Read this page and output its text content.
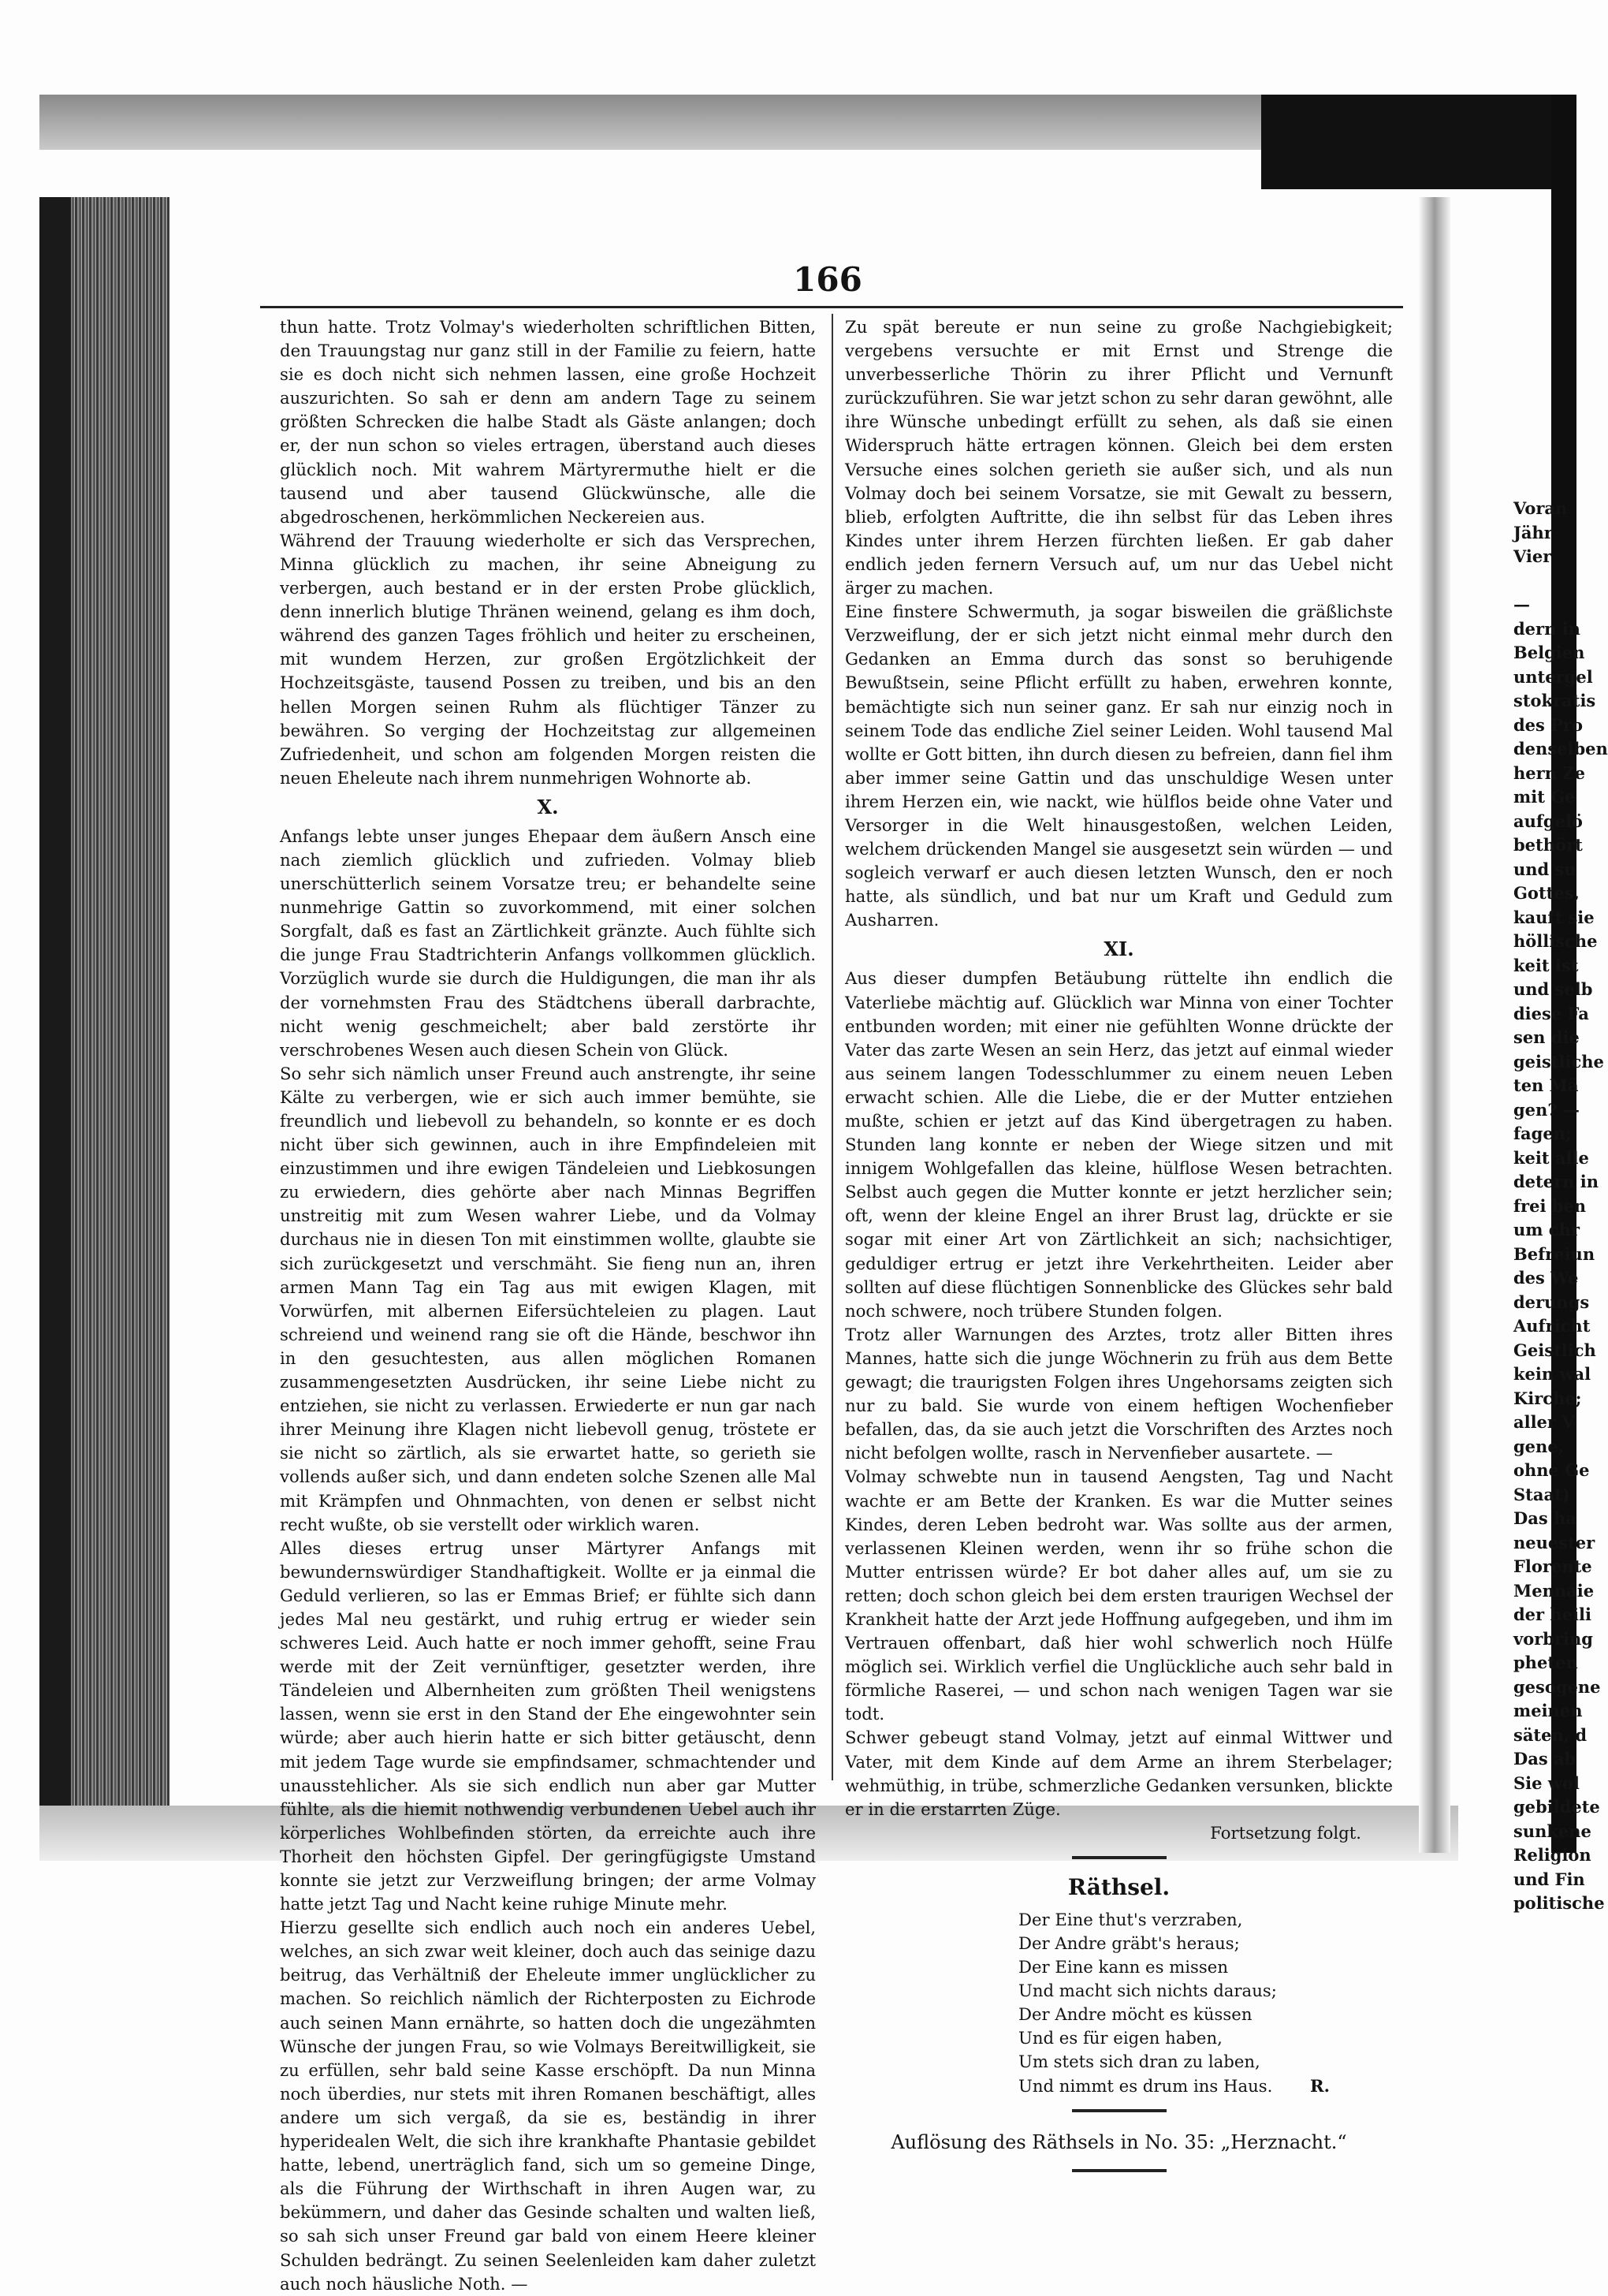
166

thun hatte. Trotz Volmay's wiederholten schriftlichen Bitten, den Trauungstag nur ganz still in der Familie zu feiern, hatte sie es doch nicht sich nehmen lassen, eine große Hochzeit auszurichten. So sah er denn am andern Tage zu seinem größten Schrecken die halbe Stadt als Gäste anlangen; doch er, der nun schon so vieles ertragen, überstand auch dieses glücklich noch. Mit wahrem Märtyrermuthe hielt er die tausend und aber tausend Glückwünsche, alle die abgedroschenen, herkömmlichen Neckereien aus.

Während der Trauung wiederholte er sich das Versprechen, Minna glücklich zu machen, ihr seine Abneigung zu verbergen, auch bestand er in der ersten Probe glücklich, denn innerlich blutige Thränen weinend, gelang es ihm doch, während des ganzen Tages fröhlich und heiter zu erscheinen, mit wundem Herzen, zur großen Ergötzlichkeit der Hochzeitsgäste, tausend Possen zu treiben, und bis an den hellen Morgen seinen Ruhm als flüchtiger Tänzer zu bewähren. So verging der Hochzeitstag zur allgemeinen Zufriedenheit, und schon am folgenden Morgen reisten die neuen Eheleute nach ihrem nunmehrigen Wohnorte ab.

X.

Anfangs lebte unser junges Ehepaar dem äußern Ansch eine nach ziemlich glücklich und zufrieden. Volmay blieb unerschütterlich seinem Vorsatze treu; er behandelte seine nunmehrige Gattin so zuvorkommend, mit einer solchen Sorgfalt, daß es fast an Zärtlichkeit gränzte. Auch fühlte sich die junge Frau Stadtrichterin Anfangs vollkommen glücklich. Vorzüglich wurde sie durch die Huldigungen, die man ihr als der vornehmsten Frau des Städtchens überall darbrachte, nicht wenig geschmeichelt; aber bald zerstörte ihr verschrobenes Wesen auch diesen Schein von Glück.

So sehr sich nämlich unser Freund auch anstrengte, ihr seine Kälte zu verbergen, wie er sich auch immer bemühte, sie freundlich und liebevoll zu behandeln, so konnte er es doch nicht über sich gewinnen, auch in ihre Empfindeleien mit einzustimmen und ihre ewigen Tändeleien und Liebkosungen zu erwiedern, dies gehörte aber nach Minnas Begriffen unstreitig mit zum Wesen wahrer Liebe, und da Volmay durchaus nie in diesen Ton mit einstimmen wollte, glaubte sie sich zurückgesetzt und verschmäht. Sie fieng nun an, ihren armen Mann Tag ein Tag aus mit ewigen Klagen, mit Vorwürfen, mit albernen Eifersüchteleien zu plagen. Laut schreiend und weinend rang sie oft die Hände, beschwor ihn in den gesuchtesten, aus allen möglichen Romanen zusammengesetzten Ausdrücken, ihr seine Liebe nicht zu entziehen, sie nicht zu verlassen. Erwiederte er nun gar nach ihrer Meinung ihre Klagen nicht liebevoll genug, tröstete er sie nicht so zärtlich, als sie erwartet hatte, so gerieth sie vollends außer sich, und dann endeten solche Szenen alle Mal mit Krämpfen und Ohnmachten, von denen er selbst nicht recht wußte, ob sie verstellt oder wirklich waren.

Alles dieses ertrug unser Märtyrer Anfangs mit bewundernswürdiger Standhaftigkeit. Wollte er ja einmal die Geduld verlieren, so las er Emmas Brief; er fühlte sich dann jedes Mal neu gestärkt, und ruhig ertrug er wieder sein schweres Leid. Auch hatte er noch immer gehofft, seine Frau werde mit der Zeit vernünftiger, gesetzter werden, ihre Tändeleien und Albernheiten zum größten Theil wenigstens lassen, wenn sie erst in den Stand der Ehe eingewohnter sein würde; aber auch hierin hatte er sich bitter getäuscht, denn mit jedem Tage wurde sie empfindsamer, schmachtender und unausstehlicher. Als sie sich endlich nun aber gar Mutter fühlte, als die hiemit nothwendig verbundenen Uebel auch ihr körperliches Wohlbefinden störten, da erreichte auch ihre Thorheit den höchsten Gipfel. Der geringfügigste Umstand konnte sie jetzt zur Verzweiflung bringen; der arme Volmay hatte jetzt Tag und Nacht keine ruhige Minute mehr.

Hierzu gesellte sich endlich auch noch ein anderes Uebel, welches, an sich zwar weit kleiner, doch auch das seinige dazu beitrug, das Verhältniß der Eheleute immer unglücklicher zu machen. So reichlich nämlich der Richterposten zu Eichrode auch seinen Mann ernährte, so hatten doch die ungezähmten Wünsche der jungen Frau, so wie Volmays Bereitwilligkeit, sie zu erfüllen, sehr bald seine Kasse erschöpft. Da nun Minna noch überdies, nur stets mit ihren Romanen beschäftigt, alles andere um sich vergaß, da sie es, beständig in ihrer hyperidealen Welt, die sich ihre krankhafte Phantasie gebildet hatte, lebend, unerträglich fand, sich um so gemeine Dinge, als die Führung der Wirthschaft in ihren Augen war, zu bekümmern, und daher das Gesinde schalten und walten ließ, so sah sich unser Freund gar bald von einem Heere kleiner Schulden bedrängt. Zu seinen Seelenleiden kam daher zuletzt auch noch häusliche Noth. —

Zu spät bereute er nun seine zu große Nachgiebigkeit; vergebens versuchte er mit Ernst und Strenge die unverbesserliche Thörin zu ihrer Pflicht und Vernunft zurückzuführen. Sie war jetzt schon zu sehr daran gewöhnt, alle ihre Wünsche unbedingt erfüllt zu sehen, als daß sie einen Widerspruch hätte ertragen können. Gleich bei dem ersten Versuche eines solchen gerieth sie außer sich, und als nun Volmay doch bei seinem Vorsatze, sie mit Gewalt zu bessern, blieb, erfolgten Auftritte, die ihn selbst für das Leben ihres Kindes unter ihrem Herzen fürchten ließen. Er gab daher endlich jeden fernern Versuch auf, um nur das Uebel nicht ärger zu machen.

Eine finstere Schwermuth, ja sogar bisweilen die gräßlichste Verzweiflung, der er sich jetzt nicht einmal mehr durch den Gedanken an Emma durch das sonst so beruhigende Bewußtsein, seine Pflicht erfüllt zu haben, erwehren konnte, bemächtigte sich nun seiner ganz. Er sah nur einzig noch in seinem Tode das endliche Ziel seiner Leiden. Wohl tausend Mal wollte er Gott bitten, ihn durch diesen zu befreien, dann fiel ihm aber immer seine Gattin und das unschuldige Wesen unter ihrem Herzen ein, wie nackt, wie hülflos beide ohne Vater und Versorger in die Welt hinausgestoßen, welchen Leiden, welchem drückenden Mangel sie ausgesetzt sein würden — und sogleich verwarf er auch diesen letzten Wunsch, den er noch hatte, als sündlich, und bat nur um Kraft und Geduld zum Ausharren.

XI.

Aus dieser dumpfen Betäubung rüttelte ihn endlich die Vaterliebe mächtig auf. Glücklich war Minna von einer Tochter entbunden worden; mit einer nie gefühlten Wonne drückte der Vater das zarte Wesen an sein Herz, das jetzt auf einmal wieder aus seinem langen Todesschlummer zu einem neuen Leben erwacht schien. Alle die Liebe, die er der Mutter entziehen mußte, schien er jetzt auf das Kind übergetragen zu haben. Stunden lang konnte er neben der Wiege sitzen und mit innigem Wohlgefallen das kleine, hülflose Wesen betrachten. Selbst auch gegen die Mutter konnte er jetzt herzlicher sein; oft, wenn der kleine Engel an ihrer Brust lag, drückte er sie sogar mit einer Art von Zärtlichkeit an sich; nachsichtiger, geduldiger ertrug er jetzt ihre Verkehrtheiten. Leider aber sollten auf diese flüchtigen Sonnenblicke des Glückes sehr bald noch schwere, noch trübere Stunden folgen.

Trotz aller Warnungen des Arztes, trotz aller Bitten ihres Mannes, hatte sich die junge Wöchnerin zu früh aus dem Bette gewagt; die traurigsten Folgen ihres Ungehorsams zeigten sich nur zu bald. Sie wurde von einem heftigen Wochenfieber befallen, das, da sie auch jetzt die Vorschriften des Arztes noch nicht befolgen wollte, rasch in Nervenfieber ausartete. —

Volmay schwebte nun in tausend Aengsten, Tag und Nacht wachte er am Bette der Kranken. Es war die Mutter seines Kindes, deren Leben bedroht war. Was sollte aus der armen, verlassenen Kleinen werden, wenn ihr so frühe schon die Mutter entrissen würde? Er bot daher alles auf, um sie zu retten; doch schon gleich bei dem ersten traurigen Wechsel der Krankheit hatte der Arzt jede Hoffnung aufgegeben, und ihm im Vertrauen offenbart, daß hier wohl schwerlich noch Hülfe möglich sei. Wirklich verfiel die Unglückliche auch sehr bald in förmliche Raserei, — und schon nach wenigen Tagen war sie todt.

Schwer gebeugt stand Volmay, jetzt auf einmal Wittwer und Vater, mit dem Kinde auf dem Arme an ihrem Sterbelager; wehmüthig, in trübe, schmerzliche Gedanken versunken, blickte er in die erstarrten Züge.

Fortsetzung folgt.

Räthsel.

Der Eine thut's verzraben,
Der Andre gräbt's heraus;
Der Eine kann es missen
Und macht sich nichts daraus;
Der Andre möcht es küssen
Und es für eigen haben,
Um stets sich dran zu laben,
Und nimmt es drum ins Haus.	R.

Auflösung des Räthsels in No. 35: „Herznacht.“

Voran
Jähr
Vier

—
dern in
Belgien
untergel
stokratis
des Pro
denselben
hern Ze
mit Ge
aufgelö
bethört
und su
Gottes,
kauft sie
höllische
keit ist
und selb
diese Fa
sen die
geistliche
ten Mä
gen? —
fagen;
keit alle
detern in
frei ben
um chr
Befreiun
des We
derungs
Aufricht
Geistlich
kein wal
Kirche;
aller V
gene,
ohne Ge
Staat)
Das ha
neuester
Florente
Mennaie
der heili
vorbring
pheten
gesogene
meinen
säten, d
Das ab
Sie wol
gebildete
sunkene
Religion
und Fin
politische
